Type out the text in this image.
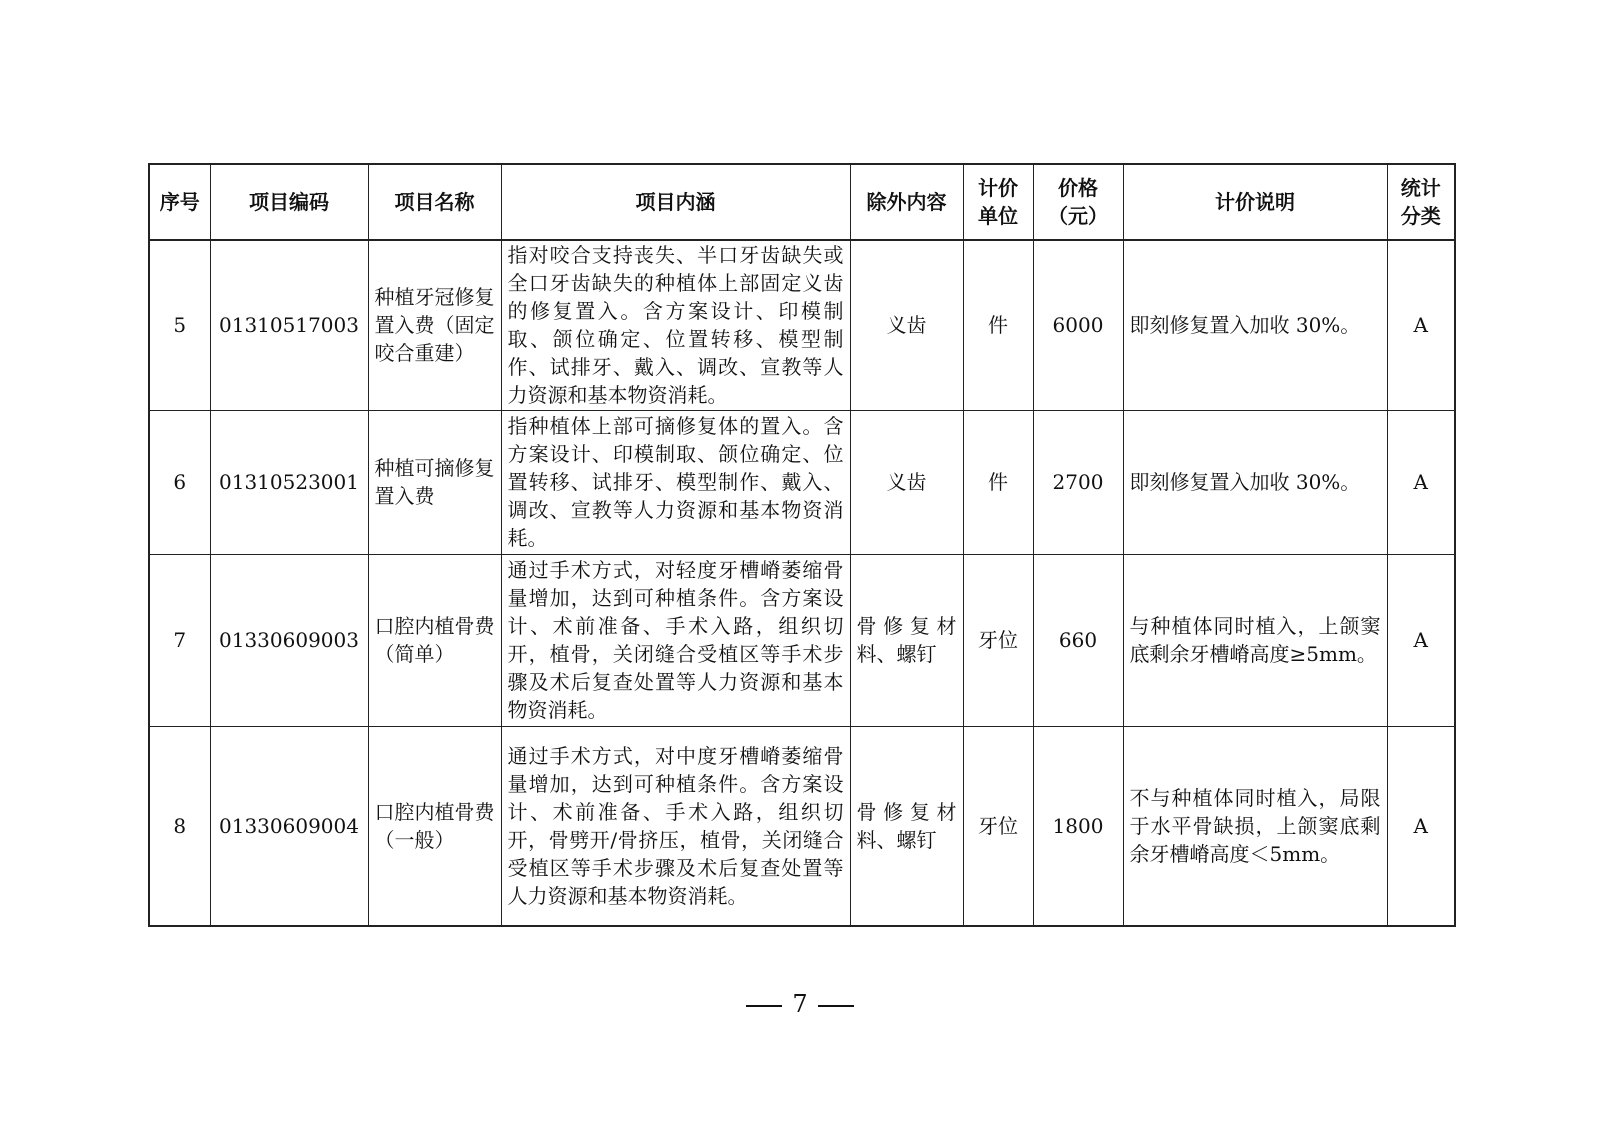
序号	项目编码	项目名称	项目内涵	除外内容	计价单位	价格（元）	计价说明	统计分类
5	01310517003	种植牙冠修复置入费（固定咬合重建）	指对咬合支持丧失、半口牙齿缺失或全口牙齿缺失的种植体上部固定义齿的修复置入。含方案设计、印模制取、颌位确定、位置转移、模型制作、试排牙、戴入、调改、宣教等人力资源和基本物资消耗。	义齿	件	6000	即刻修复置入加收 30%。	A
6	01310523001	种植可摘修复置入费	指种植体上部可摘修复体的置入。含方案设计、印模制取、颌位确定、位置转移、试排牙、模型制作、戴入、调改、宣教等人力资源和基本物资消耗。	义齿	件	2700	即刻修复置入加收 30%。	A
7	01330609003	口腔内植骨费（简单）	通过手术方式，对轻度牙槽嵴萎缩骨量增加，达到可种植条件。含方案设计、术前准备、手术入路，组织切开，植骨，关闭缝合受植区等手术步骤及术后复查处置等人力资源和基本物资消耗。	骨修复材料、螺钉	牙位	660	与种植体同时植入，上颌窦底剩余牙槽嵴高度≥5mm。	A
8	01330609004	口腔内植骨费（一般）	通过手术方式，对中度牙槽嵴萎缩骨量增加，达到可种植条件。含方案设计、术前准备、手术入路，组织切开，骨劈开/骨挤压，植骨，关闭缝合受植区等手术步骤及术后复查处置等人力资源和基本物资消耗。	骨修复材料、螺钉	牙位	1800	不与种植体同时植入，局限于水平骨缺损，上颌窦底剩余牙槽嵴高度＜5mm。	A
7
